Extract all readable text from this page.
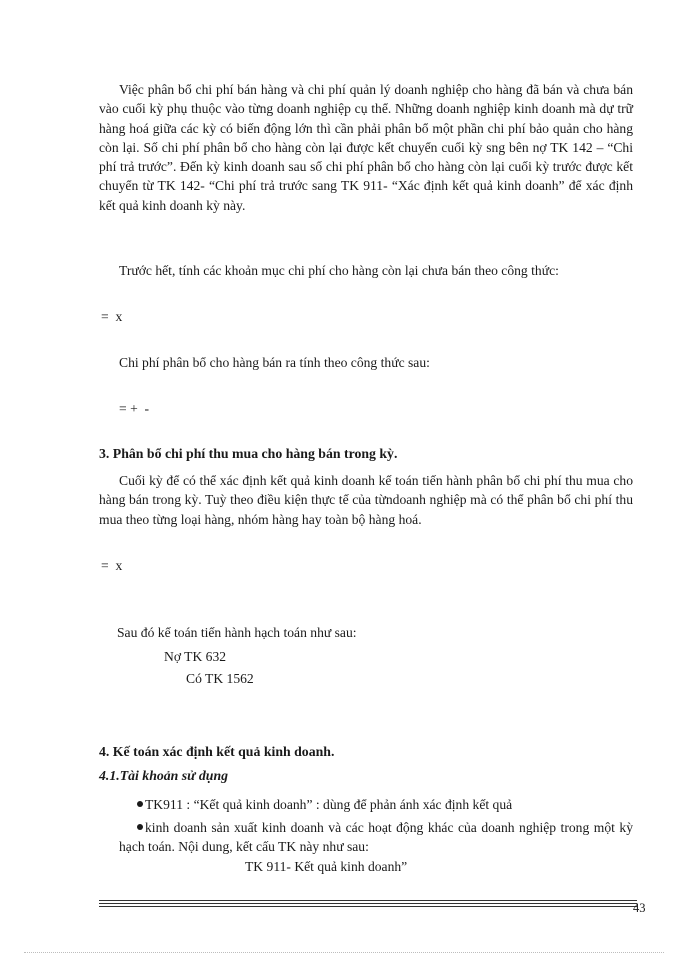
Việc phân bổ chi phí bán hàng và chi phí quản lý doanh nghiệp cho hàng đã bán và chưa bán vào cuối kỳ phụ thuộc vào từng doanh nghiệp cụ thể. Những doanh nghiệp kinh doanh mà dự trữ hàng hoá giữa các kỳ có biến động lớn thì cần phải phân bổ một phần chi phí bảo quản cho hàng còn lại. Số chi phí phân bổ cho hàng còn lại được kết chuyển cuối kỳ sng bên nợ TK 142 – “Chi phí trả trước”. Đến kỳ kinh doanh sau số chi phí phân bổ cho hàng còn lại cuối kỳ trước được kết chuyển từ TK 142- “Chi phí trả trước sang TK 911- “Xác định kết quả kinh doanh” để xác định kết quả kinh doanh kỳ này.
Trước hết, tính các khoản mục chi phí cho hàng còn lại chưa bán theo công thức:
=  x
Chi phí phân bổ cho hàng bán ra tính theo công thức sau:
= +  -
3. Phân bổ chi phí thu mua cho hàng bán trong kỳ.
Cuối kỳ để có thể xác định kết quả kinh doanh kế toán tiến hành phân bổ chi phí thu mua cho hàng bán trong kỳ. Tuỳ theo điều kiện thực tế của từndoanh nghiệp mà có thể phân bổ chi phí thu mua theo từng loại hàng, nhóm hàng hay toàn bộ hàng hoá.
=  x
Sau đó kế toán tiến hành hạch toán như sau:
Nợ TK 632
Có TK 1562
4. Kế toán xác định kết quả kinh doanh.
4.1.Tài khoản sử dụng
TK911 : “Kết quả kinh doanh” : dùng để phản ánh xác định kết quả
kinh doanh sản xuất kinh doanh và các hoạt động khác của doanh nghiệp trong một kỳ hạch toán. Nội dung, kết cấu TK này như sau:
TK 911- Kết quả kinh doanh”
43
